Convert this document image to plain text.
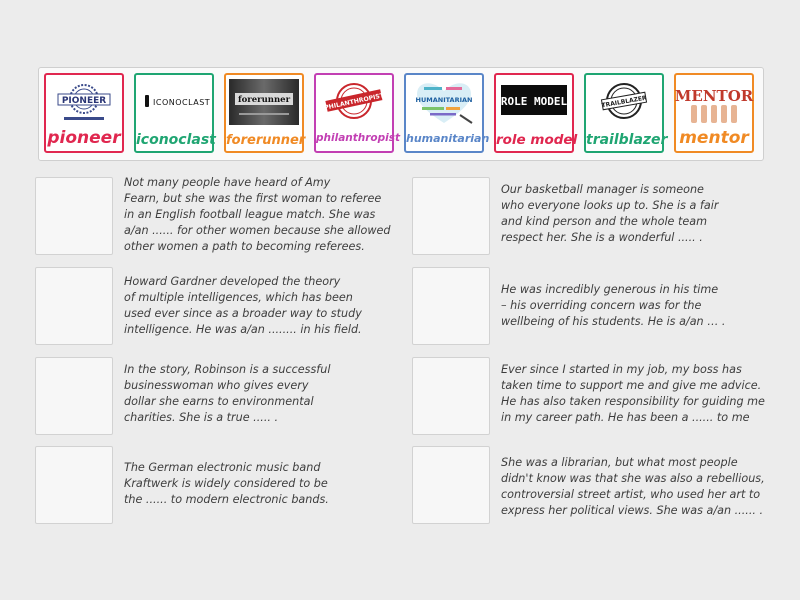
PIONEER
pioneer
ICONOCLAST
iconoclast
forerunner
forerunner
PHILANTHROPIST
philanthropist
HUMANITARIAN
humanitarian
ROLE MODEL
role model
TRAILBLAZER
trailblazer
MENTOR
mentor
Not many people have heard of Amy
Fearn, but she was the first woman to referee
in an English football league match. She was
a/an ...... for other women because she allowed
other women a path to becoming referees.
Howard Gardner developed the theory
of multiple intelligences, which has been
used ever since as a broader way to study
intelligence. He was a/an ........ in his field.
In the story, Robinson is a successful
businesswoman who gives every
dollar she earns to environmental
charities. She is a true ..... .
The German electronic music band
Kraftwerk is widely considered to be
the ...... to modern electronic bands.
Our basketball manager is someone
who everyone looks up to. She is a fair
and kind person and the whole team
respect her. She is a wonderful ..... .
He was incredibly generous in his time
– his overriding concern was for the
wellbeing of his students. He is a/an … .
Ever since I started in my job, my boss has
taken time to support me and give me advice.
He has also taken responsibility for guiding me
in my career path. He has been a ...... to me
She was a librarian, but what most people
didn't know was that she was also a rebellious,
controversial street artist, who used her art to
express her political views. She was a/an ...... .
